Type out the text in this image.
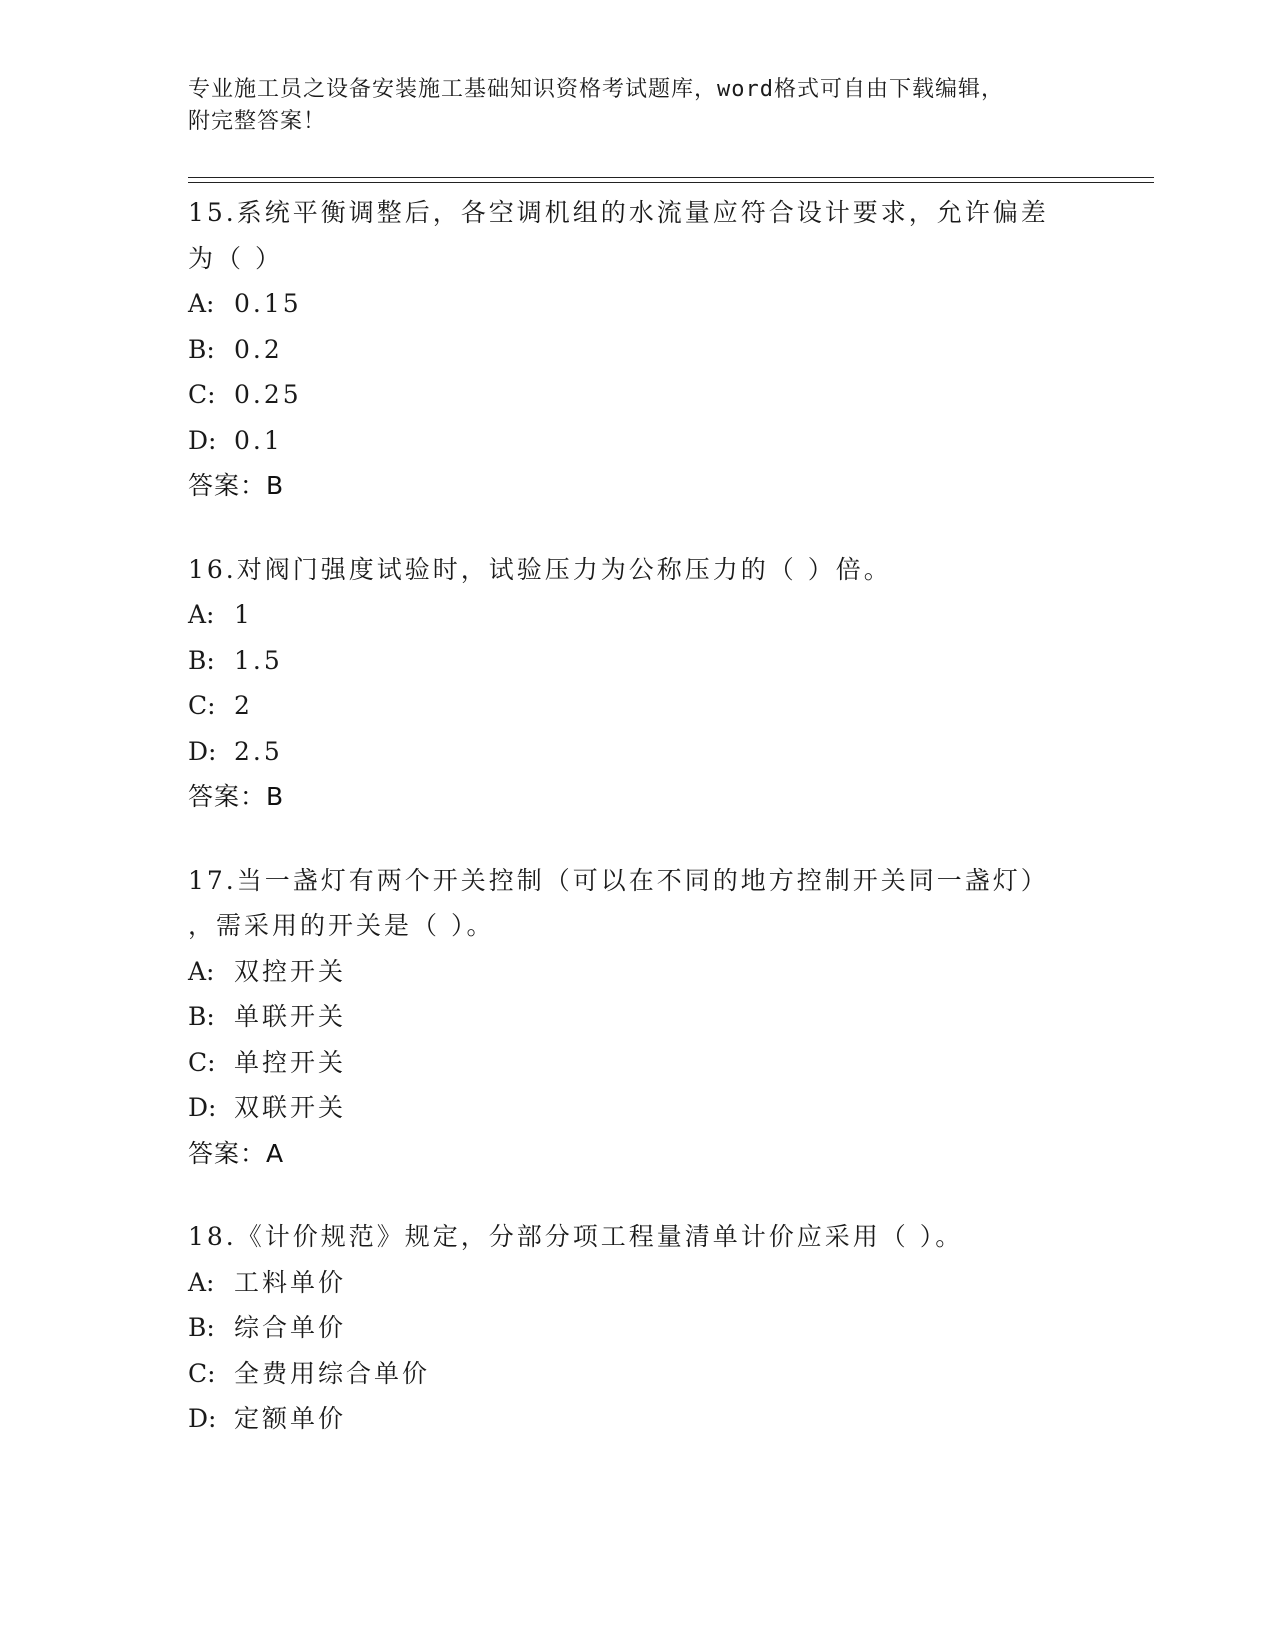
专业施工员之设备安装施工基础知识资格考试题库，word格式可自由下载编辑，
附完整答案！
15.系统平衡调整后，各空调机组的水流量应符合设计要求，允许偏差
为（ ）
A: 0.15
B: 0.2
C: 0.25
D: 0.1
答案：B
16.对阀门强度试验时，试验压力为公称压力的（ ）倍。
A: 1
B: 1.5
C: 2
D: 2.5
答案：B
17.当一盏灯有两个开关控制（可以在不同的地方控制开关同一盏灯）
，需采用的开关是（ ）。
A: 双控开关
B: 单联开关
C: 单控开关
D: 双联开关
答案：A
18.《计价规范》规定，分部分项工程量清单计价应采用（ ）。
A: 工料单价
B: 综合单价
C: 全费用综合单价
D: 定额单价
